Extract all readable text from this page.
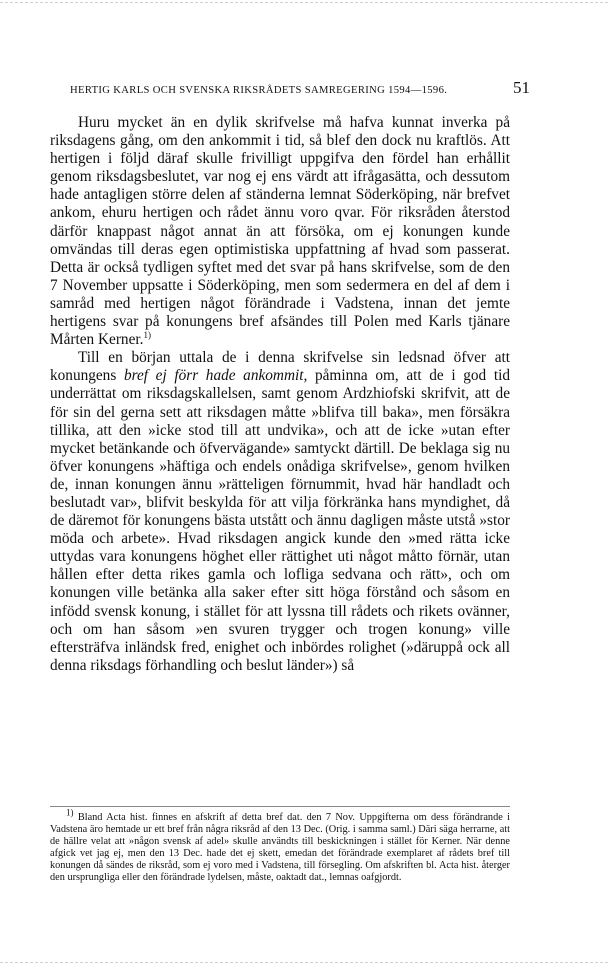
HERTIG KARLS OCH SVENSKA RIKSRÅDETS SAMREGERING 1594—1596.	51

Huru mycket än en dylik skrifvelse må hafva kunnat inverka på riksdagens gång, om den ankommit i tid, så blef den dock nu kraftlös. Att hertigen i följd däraf skulle frivilligt uppgifva den fördel han erhållit genom riksdagsbeslutet, var nog ej ens värdt att ifrågasätta, och dessutom hade antagligen större delen af ständerna lemnat Söderköping, när brefvet ankom, ehuru hertigen och rådet ännu voro qvar. För riksråden återstod därför knappast något annat än att försöka, om ej konungen kunde omvändas till deras egen optimistiska uppfattning af hvad som passerat. Detta är också tydligen syftet med det svar på hans skrifvelse, som de den 7 November uppsatte i Söderköping, men som sedermera en del af dem i samråd med hertigen något förändrade i Vadstena, innan det jemte hertigens svar på konungens bref afsändes till Polen med Karls tjänare Mårten Kerner.$^{1)}$

Till en början uttala de i denna skrifvelse sin ledsnad öfver att konungens bref ej förr hade ankommit, påminna om, att de i god tid underrättat om riksdagskallelsen, samt genom Ardzhiofski skrifvit, att de för sin del gerna sett att riksdagen måtte »blifva till baka», men försäkra tillika, att den »icke stod till att undvika», och att de icke »utan efter mycket betänkande och öfvervägande» samtyckt därtill. De beklaga sig nu öfver konungens »häftiga och endels onådiga skrifvelse», genom hvilken de, innan konungen ännu »rätteligen förnummit, hvad här handladt och beslutadt var», blifvit beskylda för att vilja förkränka hans myndighet, då de däremot för konungens bästa utstått och ännu dagligen måste utstå »stor möda och arbete». Hvad riksdagen angick kunde den »med rätta icke uttydas vara konungens höghet eller rättighet uti något måtto förnär, utan hållen efter detta rikes gamla och lofliga sedvana och rätt», och om konungen ville betänka alla saker efter sitt höga förstånd och såsom en infödd svensk konung, i stället för att lyssna till rådets och rikets ovänner, och om han såsom »en svuren trygger och trogen konung» ville eftersträfva inländsk fred, enighet och inbördes rolighet (»däruppå ock all denna riksdags förhandling och beslut länder») så

$^{1)}$ Bland Acta hist. finnes en afskrift af detta bref dat. den 7 Nov. Uppgifterna om dess förändrande i Vadstena äro hemtade ur ett bref från några riksråd af den 13 Dec. (Orig. i samma saml.) Däri säga herrarne, att de hällre velat att »någon svensk af adel» skulle användts till beskickningen i stället för Kerner. När denne afgick vet jag ej, men den 13 Dec. hade det ej skett, emedan det förändrade exemplaret af rådets bref till konungen då sändes de riksråd, som ej voro med i Vadstena, till försegling. Om afskriften bl. Acta hist. återger den ursprungliga eller den förändrade lydelsen, måste, oaktadt dat., lemnas oafgjordt.
